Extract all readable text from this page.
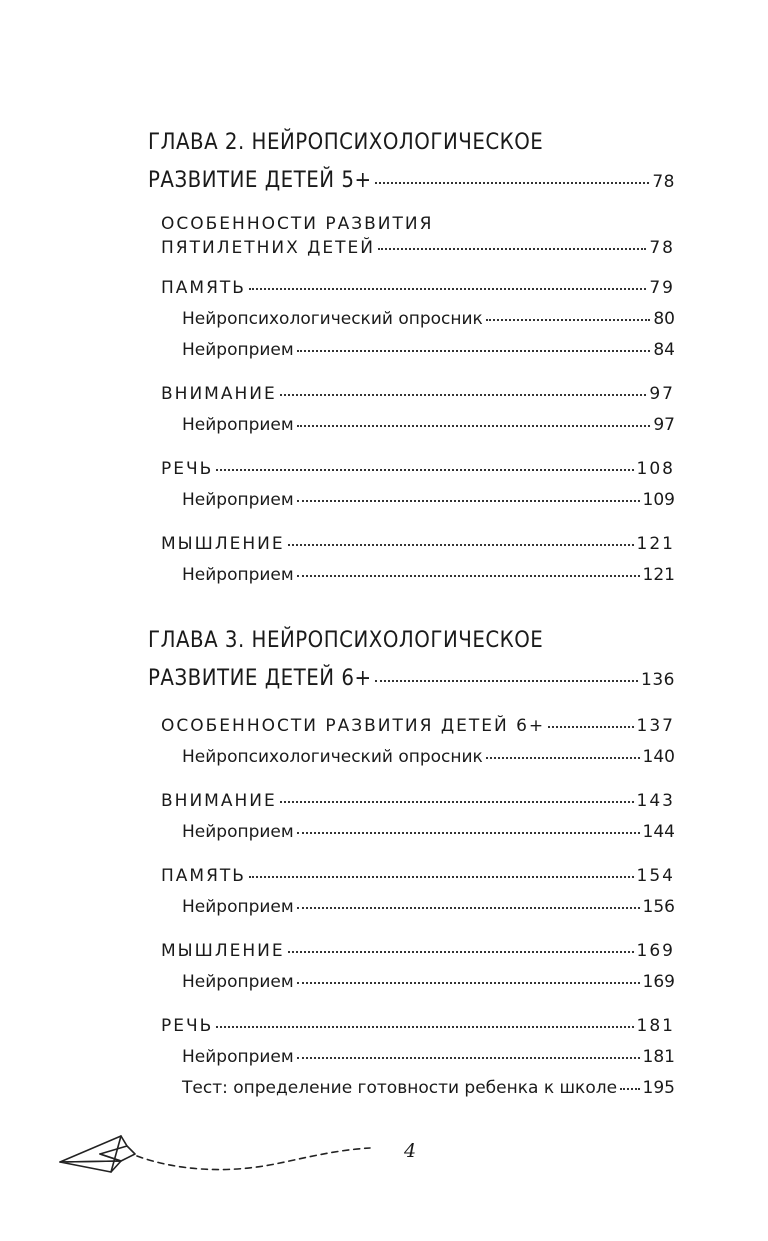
ГЛАВА 2. НЕЙРОПСИХОЛОГИЧЕСКОЕ
РАЗВИТИЕ ДЕТЕЙ 5+	78
ОСОБЕННОСТИ РАЗВИТИЯ
ПЯТИЛЕТНИХ ДЕТЕЙ	78
ПАМЯТЬ	79
Нейропсихологический опросник	80
Нейроприем	84
ВНИМАНИЕ	97
Нейроприем	97
РЕЧЬ	108
Нейроприем	109
МЫШЛЕНИЕ	121
Нейроприем	121
ГЛАВА 3. НЕЙРОПСИХОЛОГИЧЕСКОЕ
РАЗВИТИЕ ДЕТЕЙ 6+	136
ОСОБЕННОСТИ РАЗВИТИЯ ДЕТЕЙ 6+	137
Нейропсихологический опросник	140
ВНИМАНИЕ	143
Нейроприем	144
ПАМЯТЬ	154
Нейроприем	156
МЫШЛЕНИЕ	169
Нейроприем	169
РЕЧЬ	181
Нейроприем	181
Тест: определение готовности ребенка к школе 195
4
